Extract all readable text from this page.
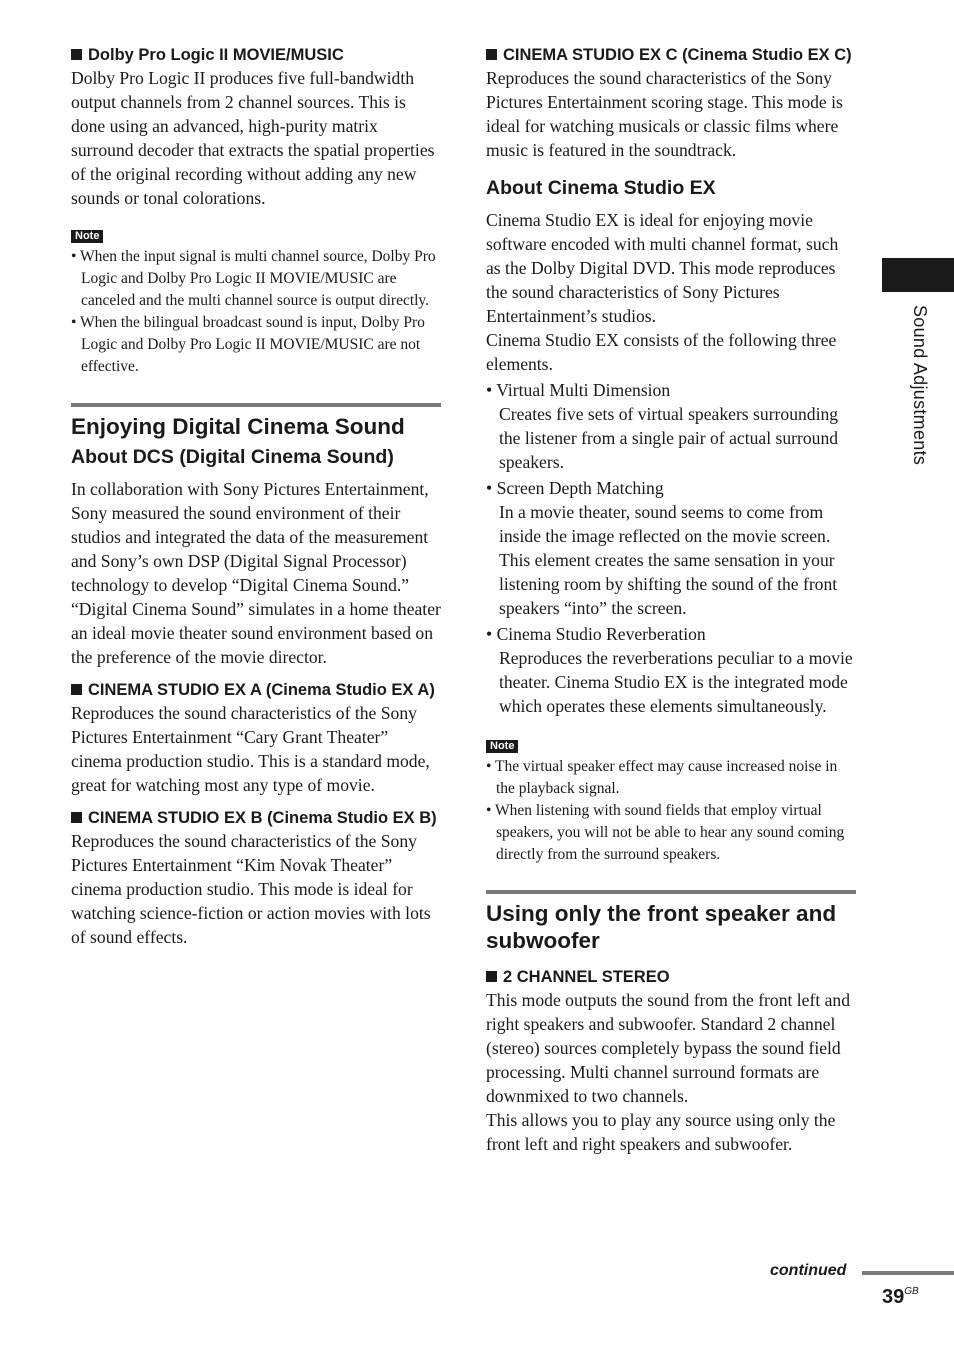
Dolby Pro Logic II MOVIE/MUSIC

Dolby Pro Logic II produces five full-bandwidth output channels from 2 channel sources. This is done using an advanced, high-purity matrix surround decoder that extracts the spatial properties of the original recording without adding any new sounds or tonal colorations.

Note
• When the input signal is multi channel source, Dolby Pro Logic and Dolby Pro Logic II MOVIE/MUSIC are canceled and the multi channel source is output directly.
• When the bilingual broadcast sound is input, Dolby Pro Logic and Dolby Pro Logic II MOVIE/MUSIC are not effective.
Enjoying Digital Cinema Sound
About DCS (Digital Cinema Sound)

In collaboration with Sony Pictures Entertainment, Sony measured the sound environment of their studios and integrated the data of the measurement and Sony’s own DSP (Digital Signal Processor) technology to develop “Digital Cinema Sound.” “Digital Cinema Sound” simulates in a home theater an ideal movie theater sound environment based on the preference of the movie director.

CINEMA STUDIO EX A (Cinema Studio EX A)

Reproduces the sound characteristics of the Sony Pictures Entertainment “Cary Grant Theater” cinema production studio. This is a standard mode, great for watching most any type of movie.

CINEMA STUDIO EX B (Cinema Studio EX B)

Reproduces the sound characteristics of the Sony Pictures Entertainment “Kim Novak Theater” cinema production studio. This mode is ideal for watching science-fiction or action movies with lots of sound effects.

CINEMA STUDIO EX C (Cinema Studio EX C)

Reproduces the sound characteristics of the Sony Pictures Entertainment scoring stage. This mode is ideal for watching musicals or classic films where music is featured in the soundtrack.

About Cinema Studio EX

Cinema Studio EX is ideal for enjoying movie software encoded with multi channel format, such as the Dolby Digital DVD. This mode reproduces the sound characteristics of Sony Pictures Entertainment’s studios.

Cinema Studio EX consists of the following three elements.

• Virtual Multi Dimension
Creates five sets of virtual speakers surrounding the listener from a single pair of actual surround speakers.
• Screen Depth Matching
In a movie theater, sound seems to come from inside the image reflected on the movie screen. This element creates the same sensation in your listening room by shifting the sound of the front speakers “into” the screen.
• Cinema Studio Reverberation
Reproduces the reverberations peculiar to a movie theater. Cinema Studio EX is the integrated mode which operates these elements simultaneously.
Note
• The virtual speaker effect may cause increased noise in the playback signal.
• When listening with sound fields that employ virtual speakers, you will not be able to hear any sound coming directly from the surround speakers.
Using only the front speaker and subwoofer

2 CHANNEL STEREO

This mode outputs the sound from the front left and right speakers and subwoofer. Standard 2 channel (stereo) sources completely bypass the sound field processing. Multi channel surround formats are downmixed to two channels.

This allows you to play any source using only the front left and right speakers and subwoofer.

Sound Adjustments
continued
$39^{GB}$
